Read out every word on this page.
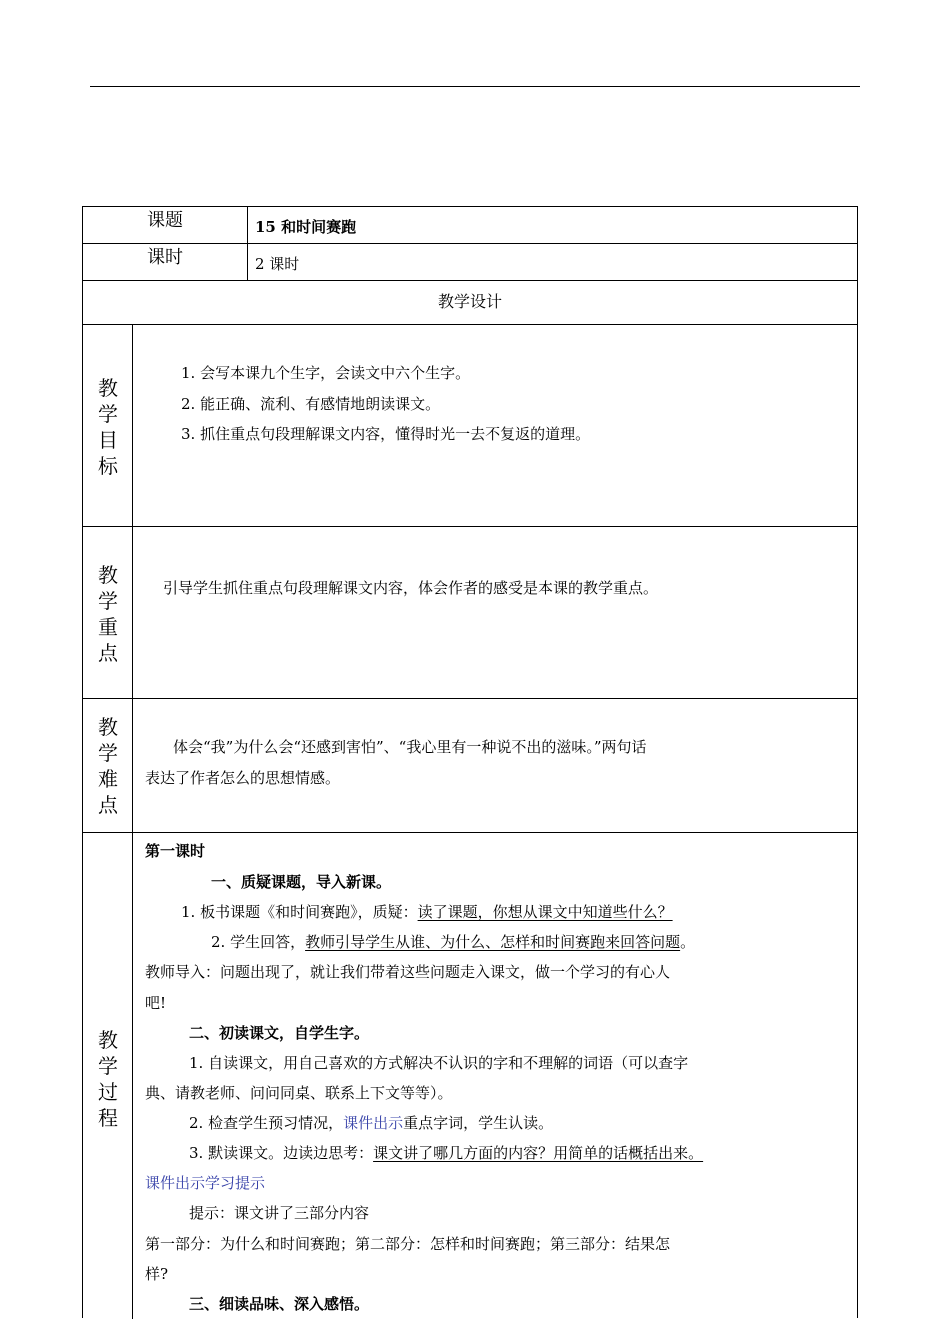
课题	15 和时间赛跑
课时	2 课时
教学设计
教
学
目
标
1. 会写本课九个生字，会读文中六个生字。
2. 能正确、流利、有感情地朗读课文。
3. 抓住重点句段理解课文内容，懂得时光一去不复返的道理。
教
学
重
点
引导学生抓住重点句段理解课文内容，体会作者的感受是本课的教学重点。
教
学
难
点
体会“我”为什么会“还感到害怕”、“我心里有一种说不出的滋味。”两句话
表达了作者怎么的思想情感。
教
学
过
程
第一课时
一、质疑课题，导入新课。
1. 板书课题《和时间赛跑》，质疑：读了课题，你想从课文中知道些什么？
2. 学生回答，教师引导学生从谁、为什么、怎样和时间赛跑来回答问题。
教师导入：问题出现了，就让我们带着这些问题走入课文，做一个学习的有心人
吧!
二、初读课文，自学生字。
1. 自读课文，用自己喜欢的方式解决不认识的字和不理解的词语（可以查字
典、请教老师、问问同桌、联系上下文等等）。
2. 检查学生预习情况，课件出示重点字词，学生认读。
3. 默读课文。边读边思考：课文讲了哪几方面的内容？用简单的话概括出来。
课件出示学习提示
提示：课文讲了三部分内容
第一部分：为什么和时间赛跑；第二部分：怎样和时间赛跑；第三部分：结果怎
样?
三、细读品味、深入感悟。
